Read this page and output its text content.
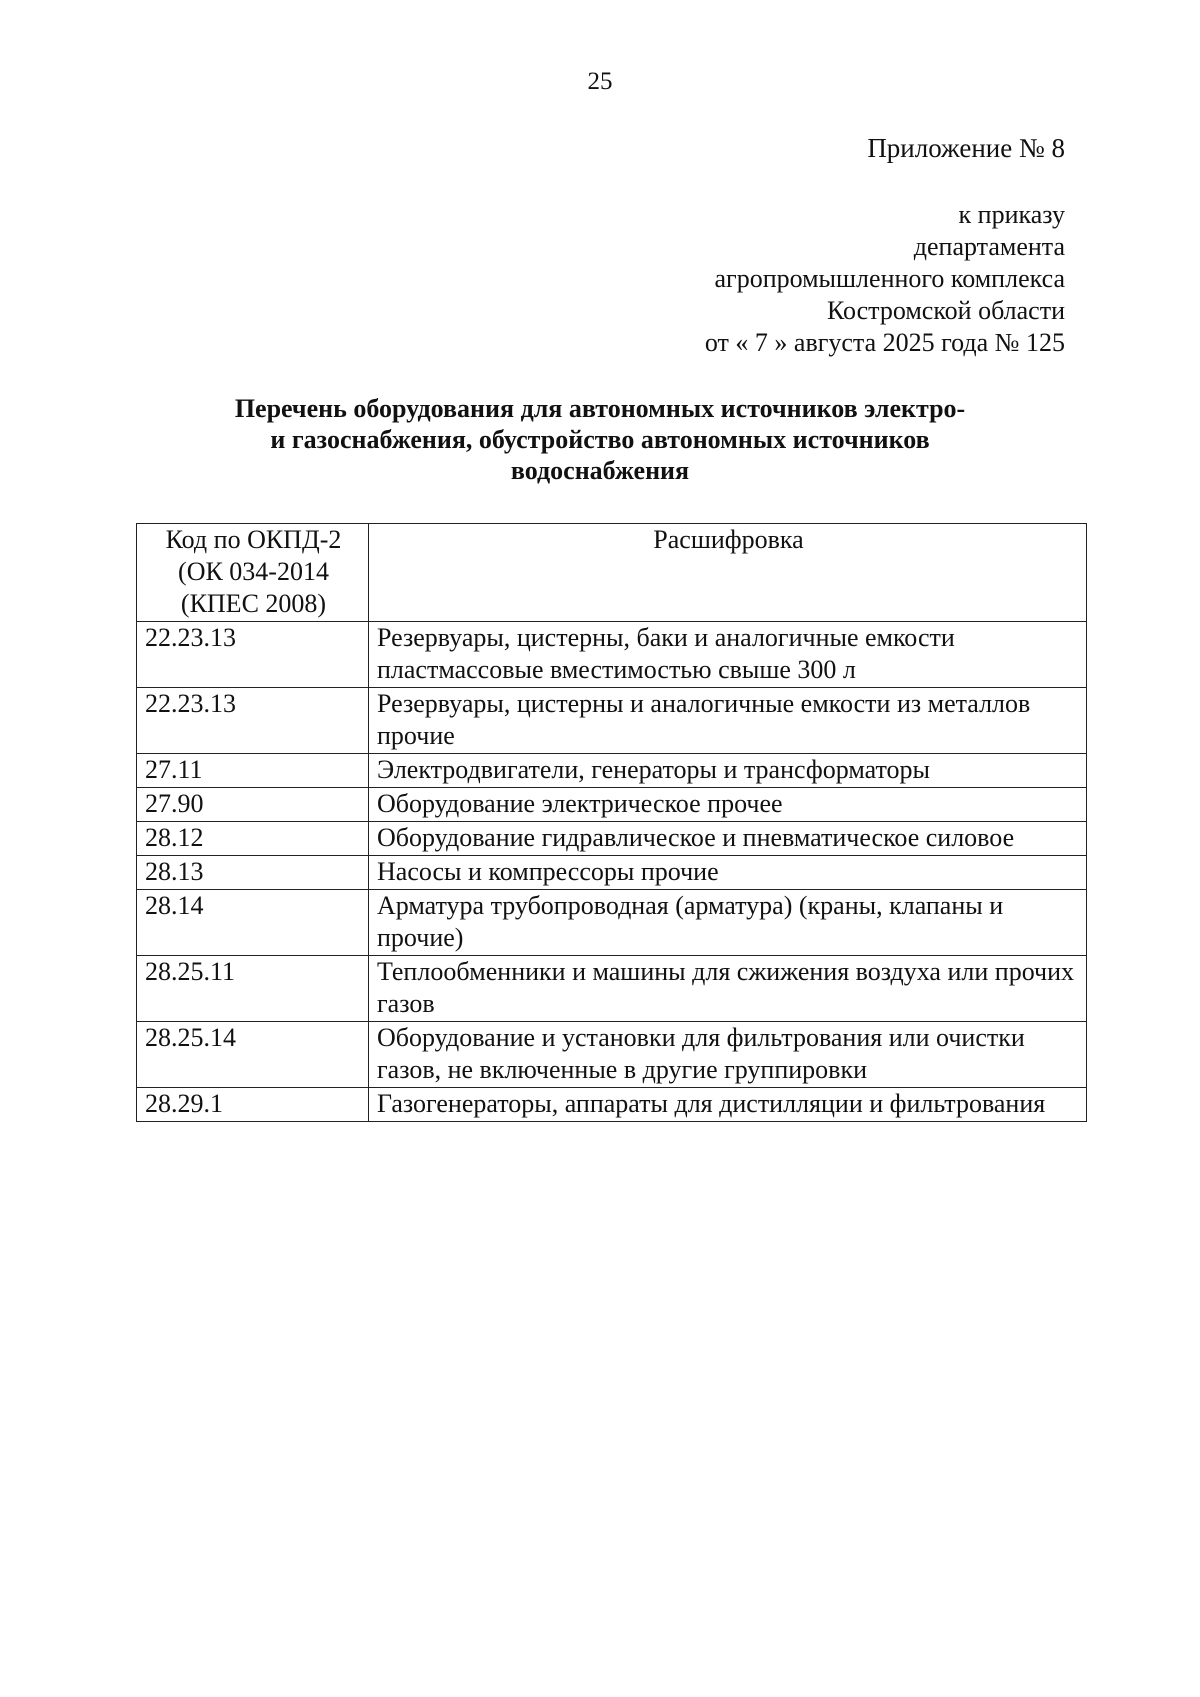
25
Приложение № 8
к приказу
департамента
агропромышленного комплекса
Костромской области
от « 7 » августа 2025 года № 125
Перечень оборудования для автономных источников электро-
и газоснабжения, обустройство автономных источников
водоснабжения
Код по ОКПД-2
(ОК 034-2014
(КПЕС 2008)	Расшифровка
22.23.13	Резервуары, цистерны, баки и аналогичные емкости пластмассовые вместимостью свыше 300 л
22.23.13	Резервуары, цистерны и аналогичные емкости из металлов прочие
27.11	Электродвигатели, генераторы и трансформаторы
27.90	Оборудование электрическое прочее
28.12	Оборудование гидравлическое и пневматическое силовое
28.13	Насосы и компрессоры прочие
28.14	Арматура трубопроводная (арматура) (краны, клапаны и прочие)
28.25.11	Теплообменники и машины для сжижения воздуха или прочих газов
28.25.14	Оборудование и установки для фильтрования или очистки газов, не включенные в другие группировки
28.29.1	Газогенераторы, аппараты для дистилляции и фильтрования
